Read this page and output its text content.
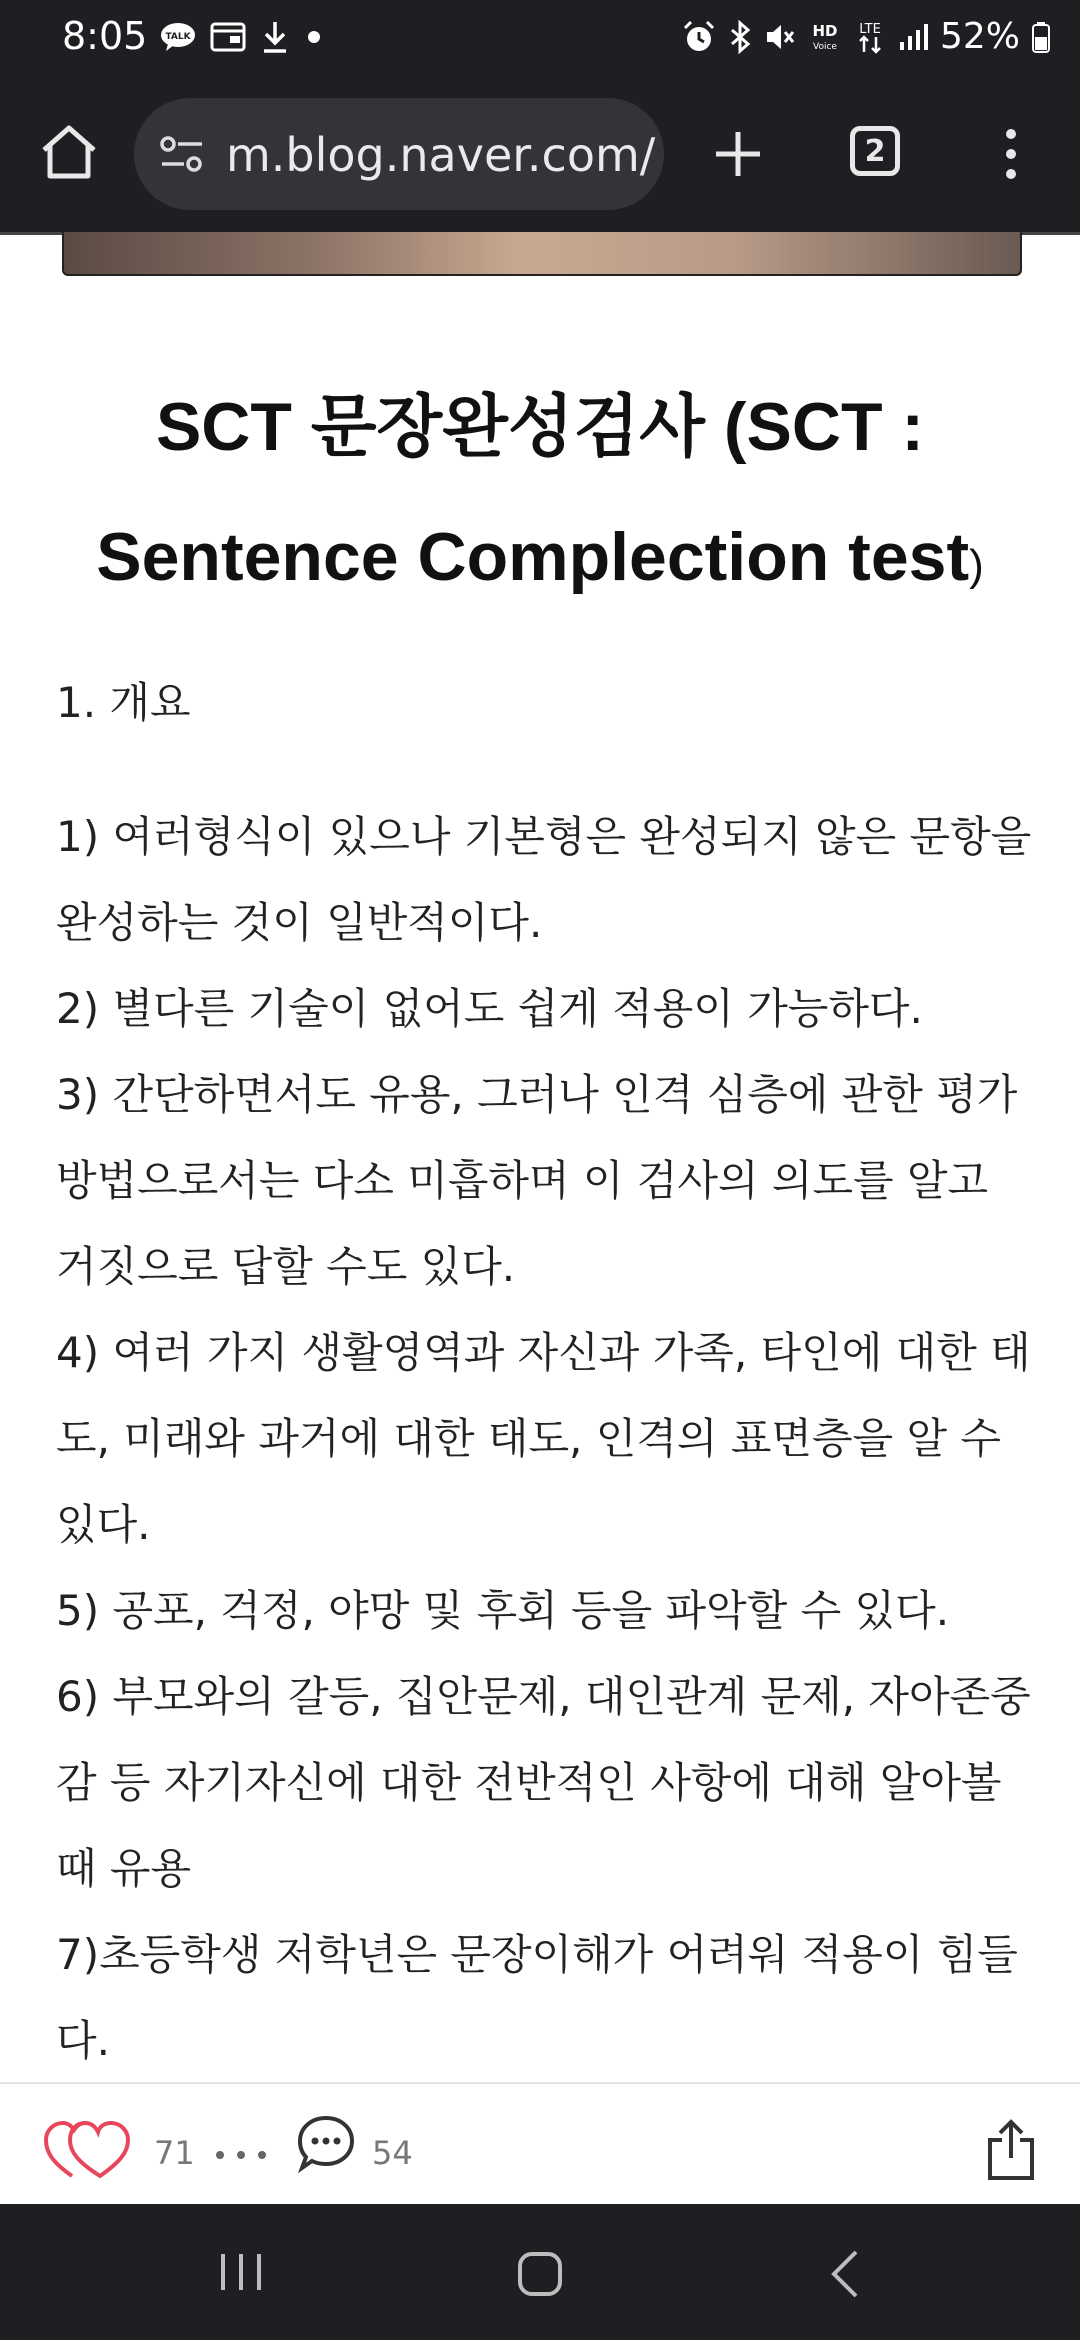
8:05 TALK	HD
Voice
LTE 52%
m.blog.naver.com/	2
SCT 문장완성검사 (SCT : Sentence Complection test)

1. 개요

1) 여러형식이 있으나 기본형은 완성되지 않은 문항을 완성하는 것이 일반적이다.

2) 별다른 기술이 없어도 쉽게 적용이 가능하다.

3) 간단하면서도 유용, 그러나 인격 심층에 관한 평가방법으로서는 다소 미흡하며 이 검사의 의도를 알고 거짓으로 답할 수도 있다.

4) 여러 가지 생활영역과 자신과 가족, 타인에 대한 태도, 미래와 과거에 대한 태도, 인격의 표면층을 알 수 있다.

5) 공포, 걱정, 야망 및 후회 등을 파악할 수 있다.

6) 부모와의 갈등, 집안문제, 대인관계 문제, 자아존중감 등 자기자신에 대한 전반적인 사항에 대해 알아볼 때 유용

7)초등학생 저학년은 문장이해가 어려워 적용이 힘들다.

71	54
